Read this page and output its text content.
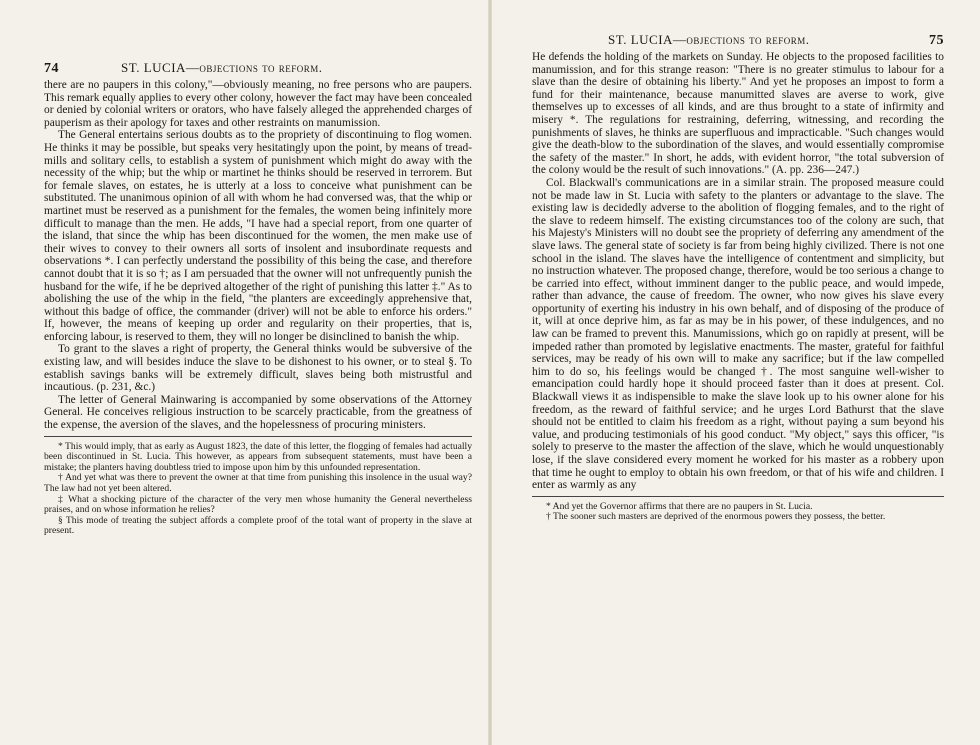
74	ST. LUCIA—objections to reform.

there are no paupers in this colony,"—obviously meaning, no free persons who are paupers. This remark equally applies to every other colony, however the fact may have been concealed or denied by colonial writers or orators, who have falsely alleged the apprehended charges of pauperism as their apology for taxes and other restraints on manumission.

The General entertains serious doubts as to the propriety of discontinuing to flog women. He thinks it may be possible, but speaks very hesitatingly upon the point, by means of tread-mills and solitary cells, to establish a system of punishment which might do away with the necessity of the whip; but the whip or martinet he thinks should be reserved in terrorem. But for female slaves, on estates, he is utterly at a loss to conceive what punishment can be substituted. The unanimous opinion of all with whom he had conversed was, that the whip or martinet must be reserved as a punishment for the females, the women being infinitely more difficult to manage than the men. He adds, "I have had a special report, from one quarter of the island, that since the whip has been discontinued for the women, the men make use of their wives to convey to their owners all sorts of insolent and insubordinate requests and observations *. I can perfectly understand the possibility of this being the case, and therefore cannot doubt that it is so †; as I am persuaded that the owner will not unfrequently punish the husband for the wife, if he be deprived altogether of the right of punishing this latter ‡." As to abolishing the use of the whip in the field, "the planters are exceedingly apprehensive that, without this badge of office, the commander (driver) will not be able to enforce his orders." If, however, the means of keeping up order and regularity on their properties, that is, enforcing labour, is reserved to them, they will no longer be disinclined to banish the whip.

To grant to the slaves a right of property, the General thinks would be subversive of the existing law, and will besides induce the slave to be dishonest to his owner, or to steal §. To establish savings banks will be extremely difficult, slaves being both mistrustful and incautious. (p. 231, &c.)

The letter of General Mainwaring is accompanied by some observations of the Attorney General. He conceives religious instruction to be scarcely practicable, from the greatness of the expense, the aversion of the slaves, and the hopelessness of procuring ministers.

* This would imply, that as early as August 1823, the date of this letter, the flogging of females had actually been discontinued in St. Lucia. This however, as appears from subsequent statements, must have been a mistake; the planters having doubtless tried to impose upon him by this unfounded representation.

† And yet what was there to prevent the owner at that time from punishing this insolence in the usual way? The law had not yet been altered.

‡ What a shocking picture of the character of the very men whose humanity the General nevertheless praises, and on whose information he relies?

§ This mode of treating the subject affords a complete proof of the total want of property in the slave at present.

ST. LUCIA—objections to reform.	75

He defends the holding of the markets on Sunday. He objects to the proposed facilities to manumission, and for this strange reason: "There is no greater stimulus to labour for a slave than the desire of obtaining his liberty." And yet he proposes an impost to form a fund for their maintenance, because manumitted slaves are averse to work, give themselves up to excesses of all kinds, and are thus brought to a state of infirmity and misery *. The regulations for restraining, deferring, witnessing, and recording the punishments of slaves, he thinks are superfluous and impracticable. "Such changes would give the death-blow to the subordination of the slaves, and would essentially compromise the safety of the master." In short, he adds, with evident horror, "the total subversion of the colony would be the result of such innovations." (A. pp. 236—247.)

Col. Blackwall's communications are in a similar strain. The proposed measure could not be made law in St. Lucia with safety to the planters or advantage to the slave. The existing law is decidedly adverse to the abolition of flogging females, and to the right of the slave to redeem himself. The existing circumstances too of the colony are such, that his Majesty's Ministers will no doubt see the propriety of deferring any amendment of the slave laws. The general state of society is far from being highly civilized. There is not one school in the island. The slaves have the intelligence of contentment and simplicity, but no instruction whatever. The proposed change, therefore, would be too serious a change to be carried into effect, without imminent danger to the public peace, and would impede, rather than advance, the cause of freedom. The owner, who now gives his slave every opportunity of exerting his industry in his own behalf, and of disposing of the produce of it, will at once deprive him, as far as may be in his power, of these indulgences, and no law can be framed to prevent this. Manumissions, which go on rapidly at present, will be impeded rather than promoted by legislative enactments. The master, grateful for faithful services, may be ready of his own will to make any sacrifice; but if the law compelled him to do so, his feelings would be changed †. The most sanguine well-wisher to emancipation could hardly hope it should proceed faster than it does at present. Col. Blackwall views it as indispensible to make the slave look up to his owner alone for his freedom, as the reward of faithful service; and he urges Lord Bathurst that the slave should not be entitled to claim his freedom as a right, without paying a sum beyond his value, and producing testimonials of his good conduct. "My object," says this officer, "is solely to preserve to the master the affection of the slave, which he would unquestionably lose, if the slave considered every moment he worked for his master as a robbery upon that time he ought to employ to obtain his own freedom, or that of his wife and children. I enter as warmly as any

* And yet the Governor affirms that there are no paupers in St. Lucia.

† The sooner such masters are deprived of the enormous powers they possess, the better.
